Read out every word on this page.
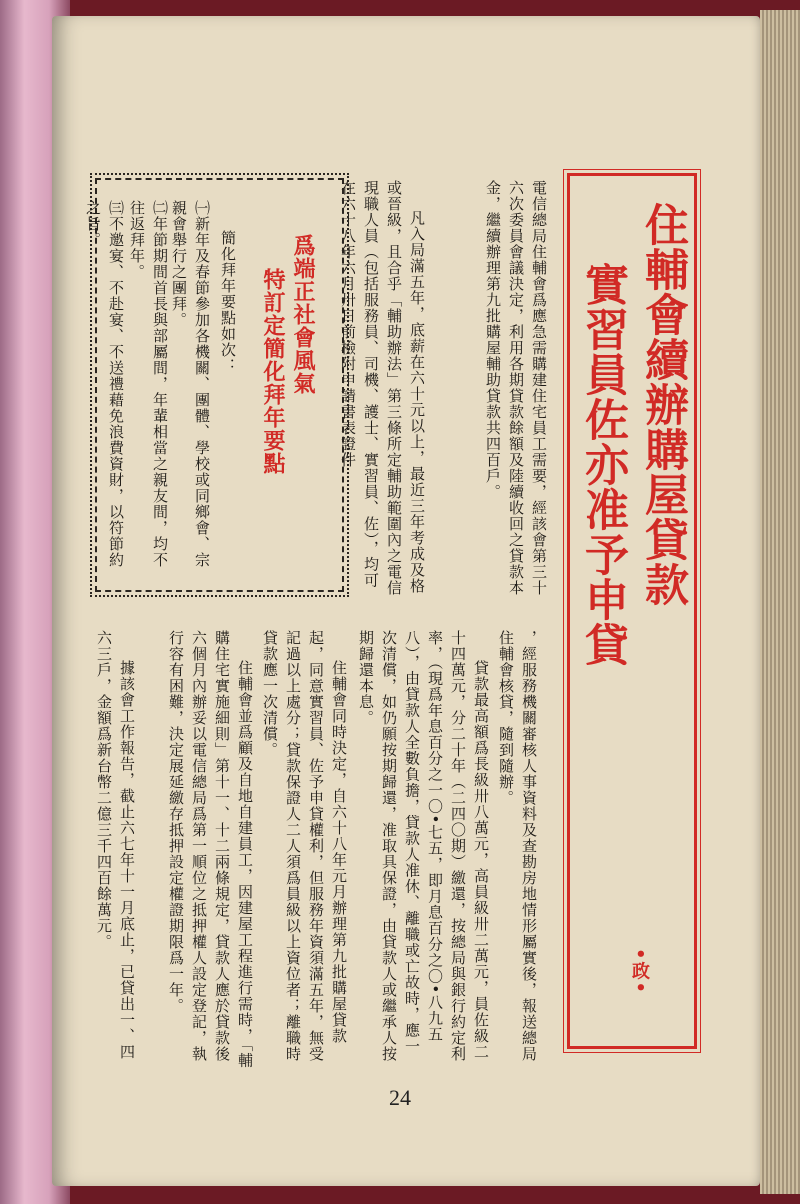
住輔會續辦購屋貸款
實習員佐亦准予申貸
•政•
電信總局住輔會爲應急需購建住宅員工需要，經該會第三十六次委員會議決定，利用各期貸款餘額及陸續收回之貸款本金，繼續辦理第九批購屋輔助貸款共四百戶。
凡入局滿五年，底薪在六十元以上，最近三年考成及格或晉級，且合乎「輔助辦法」第三條所定輔助範圍內之電信現職人員（包括服務員、司機、護士、實習員、佐），均可在六十八年六月卅日前檢附申請書表證件
爲端正社會風氣
特訂定簡化拜年要點
簡化拜年要點如次：
㈠新年及春節參加各機關、團體、學校或同鄉會、宗親會舉行之團拜。
㈡年節期間首長與部屬間，年輩相當之親友間，均不往返拜年。
㈢不邀宴、不赴宴、不送禮藉免浪費資財，以符節約之旨。
，經服務機關審核人事資料及查勘房地情形屬實後，報送總局住輔會核貸，隨到隨辦。
貸款最高額爲長級卅八萬元，高員級卅二萬元，員佐級二十四萬元，分二十年（二四〇期）繳還，按總局與銀行約定利率，（現爲年息百分之一〇•七五，即月息百分之〇•八九五八），由貸款人全數負擔，貸款人准休、離職或亡故時，應一次清償，如仍願按期歸還，准取具保證，由貸款人或繼承人按期歸還本息。
住輔會同時決定，自六十八年元月辦理第九批購屋貸款起，同意實習員、佐予申貸權利，但服務年資須滿五年，無受記過以上處分；貸款保證人二人須爲員級以上資位者；離職時貸款應一次清償。
住輔會並爲顧及自地自建員工，因建屋工程進行需時，「輔購住宅實施細則」第十一、十二兩條規定，貸款人應於貸款後六個月內辦妥以電信總局爲第一順位之抵押權人設定登記，執行容有困難，決定展延繳存抵押設定權證期限爲一年。
據該會工作報告，截止六七年十一月底止，已貸出一、四六三戶，金額爲新台幣二億三千四百餘萬元。
24
